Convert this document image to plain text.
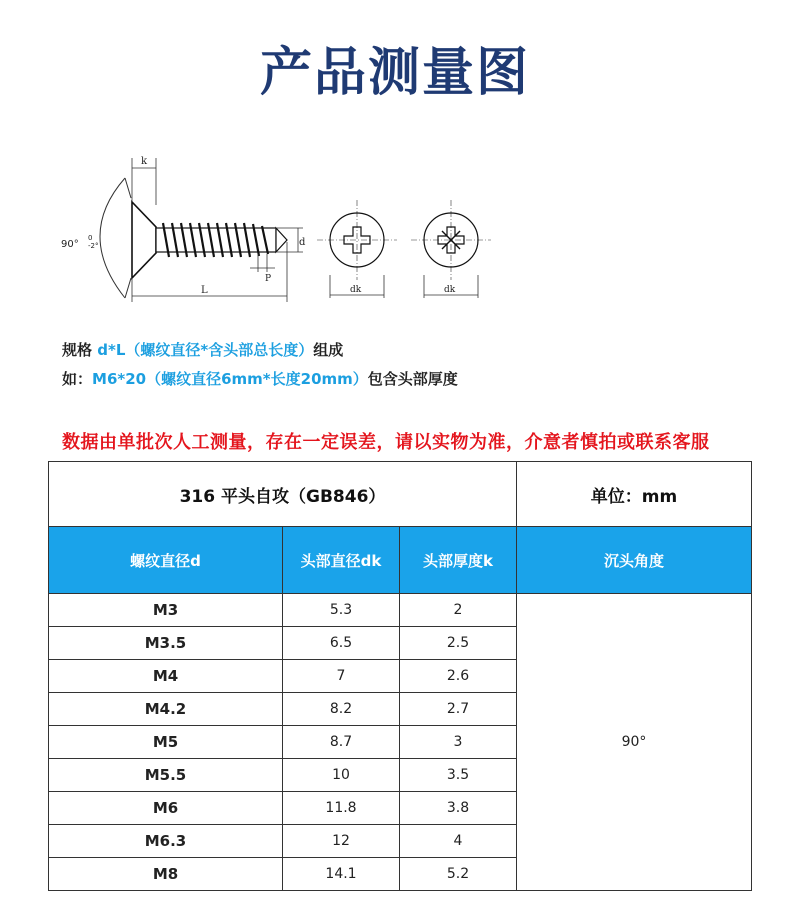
产品测量图
90°
0
-2°
k
d
P
L	dk	dk
规格 d*L（螺纹直径*含头部总长度）组成
如：M6*20（螺纹直径6mm*长度20mm）包含头部厚度
数据由单批次人工测量，存在一定误差，请以实物为准，介意者慎拍或联系客服
316 平头自攻（GB846）			单位：mm
螺纹直径d	头部直径dk	头部厚度k	沉头角度
M3	5.3	2	90°
M3.5	6.5	2.5	
M4	7	2.6	
M4.2	8.2	2.7	
M5	8.7	3	
M5.5	10	3.5	
M6	11.8	3.8	
M6.3	12	4	
M8	14.1	5.2	
